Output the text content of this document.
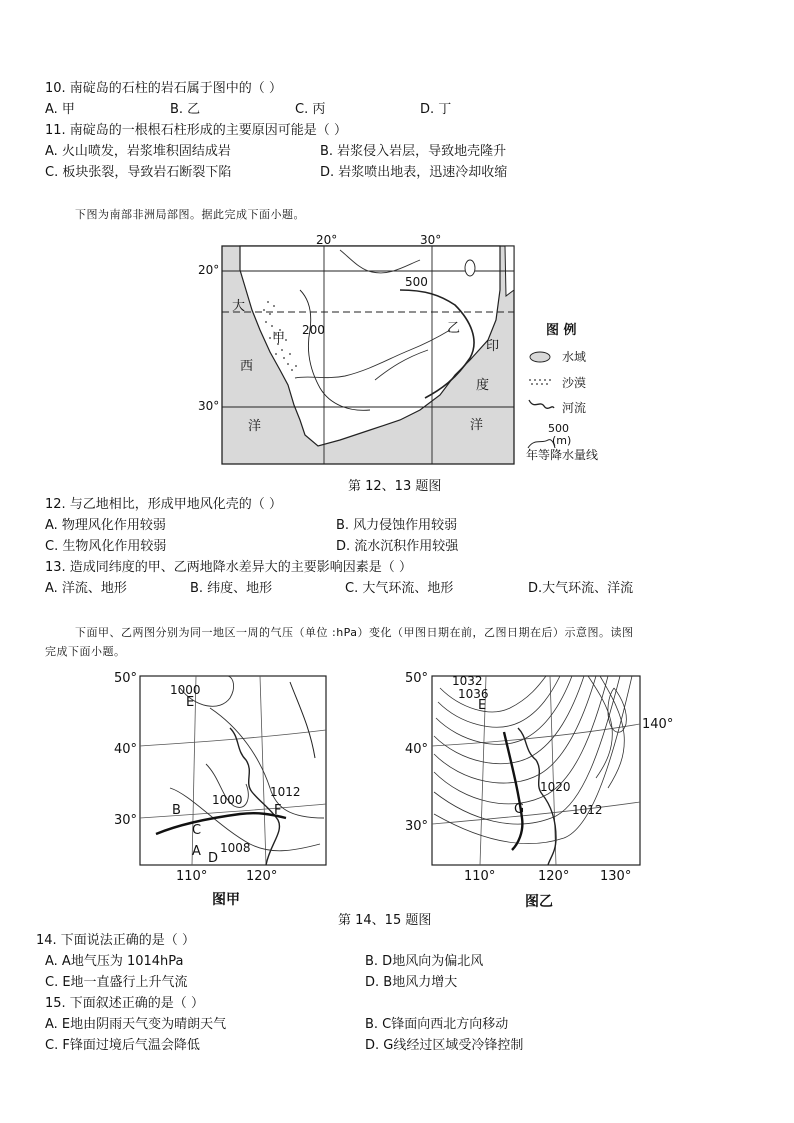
10. 南碇岛的石柱的岩石属于图中的（ ）
A. 甲	B. 乙	C. 丙	D. 丁
11. 南碇岛的一根根石柱形成的主要原因可能是（ ）
A. 火山喷发，岩浆堆积固结成岩	B. 岩浆侵入岩层，导致地壳隆升
C. 板块张裂，导致岩石断裂下陷	D. 岩浆喷出地表，迅速冷却收缩
下图为南部非洲局部图。据此完成下面小题。
20°	30°
20°
30°
大
西
洋
印
度
洋
甲
乙
500
200	图 例
水域
沙漠
河流
500
(m)
年等降水量线
第 12、13 题图
12. 与乙地相比，形成甲地风化壳的（ ）
A. 物理风化作用较弱	B. 风力侵蚀作用较弱
C. 生物风化作用较弱	D. 流水沉积作用较强
13. 造成同纬度的甲、乙两地降水差异大的主要影响因素是（ ）
A. 洋流、地形	B. 纬度、地形	C. 大气环流、地形	D.大气环流、洋流
下面甲、乙两图分别为同一地区一周的气压（单位 :hPa）变化（甲图日期在前，乙图日期在后）示意图。读图
完成下面小题。
50°
40°
30°
110°	120°
1000
1000
1012
1008
E
B
C
F
A D
图甲
50°
40°
30°
110°	120° 130°
140°
1032
1036
1020
1012
E
G
图乙
第 14、15 题图
14. 下面说法正确的是（ ）
A. A地气压为 1014hPa	B. D地风向为偏北风
C. E地一直盛行上升气流	D. B地风力增大
15. 下面叙述正确的是（ ）
A. E地由阴雨天气变为晴朗天气	B. C锋面向西北方向移动
C. F锋面过境后气温会降低	D. G线经过区域受冷锋控制
